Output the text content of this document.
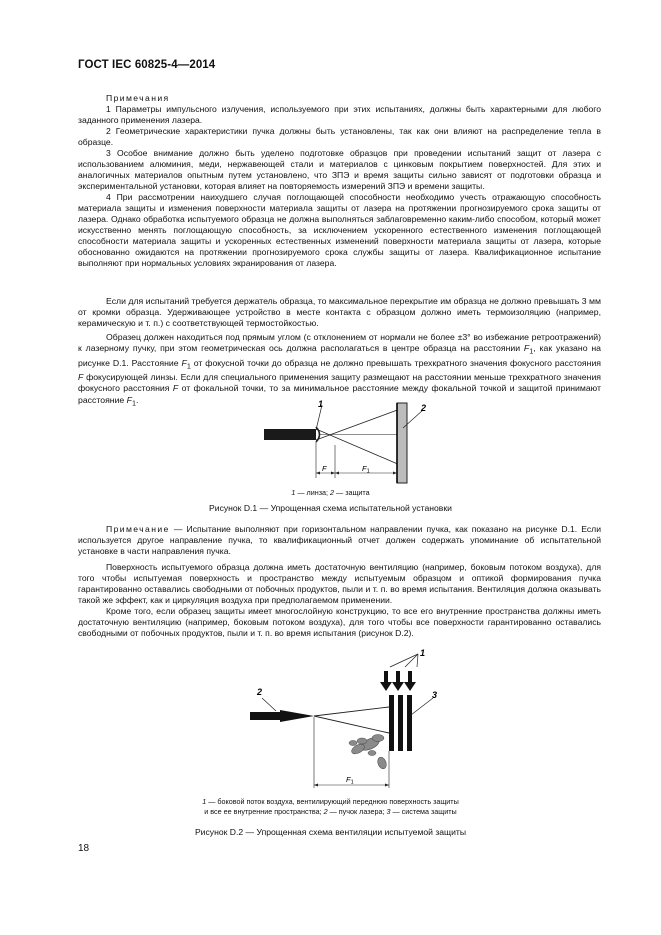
ГОСТ IEC 60825-4—2014

Примечания

1 Параметры импульсного излучения, используемого при этих испытаниях, должны быть характерными для любого заданного применения лазера.

2 Геометрические характеристики пучка должны быть установлены, так как они влияют на распределение тепла в образце.

3 Особое внимание должно быть уделено подготовке образцов при проведении испытаний защит от лазера с использованием алюминия, меди, нержавеющей стали и материалов с цинковым покрытием поверхностей. Для этих и аналогичных материалов опытным путем установлено, что ЗПЭ и время защиты сильно зависят от подготовки образца и экспериментальной установки, которая влияет на повторяемость измерений ЗПЭ и времени защиты.

4 При рассмотрении наихудшего случая поглощающей способности необходимо учесть отражающую способность материала защиты и изменения поверхности материала защиты от лазера на протяжении прогнозируемого срока защиты от лазера. Однако обработка испытуемого образца не должна выполняться заблаговременно каким-либо способом, который может искусственно менять поглощающую способность, за исключением ускоренного естественного изменения поглощающей способности материала защиты и ускоренных естественных изменений поверхности материала защиты от лазера, которые обоснованно ожидаются на протяжении прогнозируемого срока службы защиты от лазера. Квалификационное испытание выполняют при нормальных условиях экранирования от лазера.

Если для испытаний требуется держатель образца, то максимальное перекрытие им образца не должно превышать 3 мм от кромки образца. Удерживающее устройство в месте контакта с образцом должно иметь термоизоляцию (например, керамическую и т. п.) с соответствующей термостойкостью.

Образец должен находиться под прямым углом (с отклонением от нормали не более ±3° во избежание ретроотражений) к лазерному пучку, при этом геометрическая ось должна располагаться в центре образца на расстоянии $F_1$, как указано на рисунке D.1. Расстояние $F_1$ от фокусной точки до образца не должно превышать трехкратного значения фокусного расстояния F фокусирующей линзы. Если для специального применения защиту размещают на расстоянии меньше трехкратного значения фокусного расстояния F от фокальной точки, то за минимальное расстояние между фокальной точкой и защитой принимают расстояние $F_1$.	1	2
F	$F_1$
1 — линза; 2 — защита
Рисунок D.1 — Упрощенная схема испытательной установки

Примечание — Испытание выполняют при горизонтальном направлении пучка, как показано на рисунке D.1. Если используется другое направление пучка, то квалификационный отчет должен содержать упоминание об испытательной установке в части направления пучка.

Поверхность испытуемого образца должна иметь достаточную вентиляцию (например, боковым потоком воздуха), для того чтобы испытуемая поверхность и пространство между испытуемым образцом и оптикой формирования пучка гарантированно оставались свободными от побочных продуктов, пыли и т. п. во время испытания. Вентиляция должна оказывать такой же эффект, как и циркуляция воздуха при предполагаемом применении.

Кроме того, если образец защиты имеет многослойную конструкцию, то все его внутренние пространства должны иметь достаточную вентиляцию (например, боковым потоком воздуха), для того чтобы все поверхности гарантированно оставались свободными от побочных продуктов, пыли и т. п. во время испытания (рисунок D.2).

1
3
2
$F_1$
1 — боковой поток воздуха, вентилирующий переднюю поверхность защиты
и все ее внутренние пространства; 2 — пучок лазера; 3 — система защиты
Рисунок D.2 — Упрощенная схема вентиляции испытуемой защиты
18
